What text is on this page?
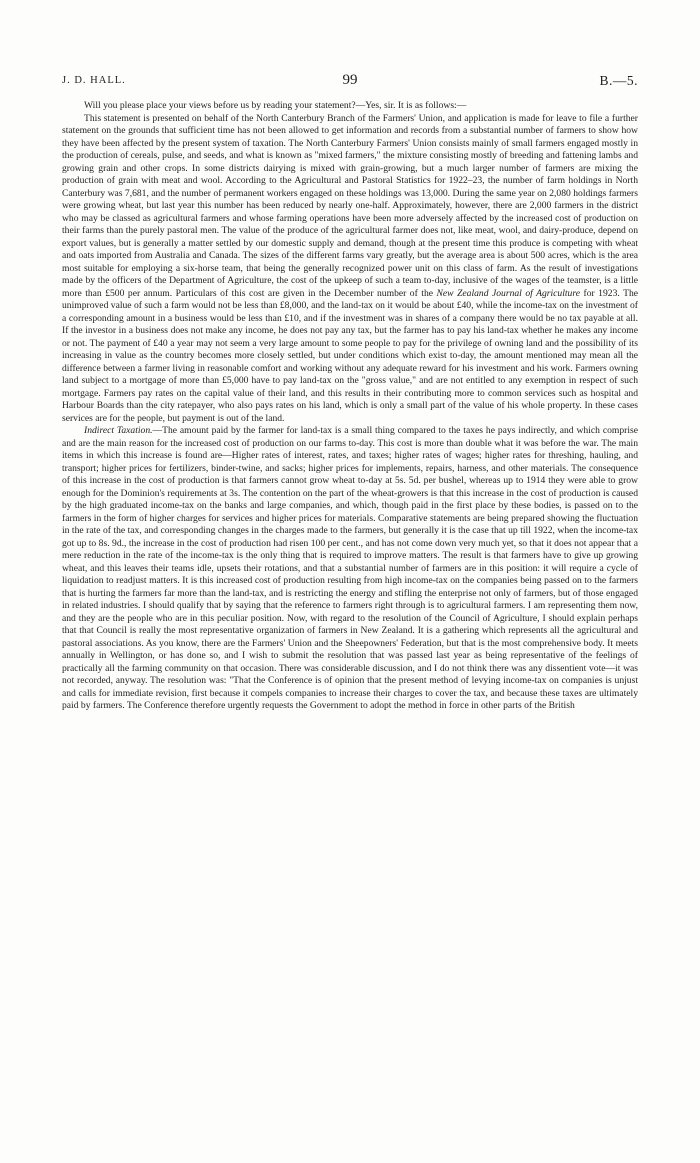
J. D. HALL.	99	B.—5.

Will you please place your views before us by reading your statement?—Yes, sir. It is as follows:—

This statement is presented on behalf of the North Canterbury Branch of the Farmers' Union, and application is made for leave to file a further statement on the grounds that sufficient time has not been allowed to get information and records from a substantial number of farmers to show how they have been affected by the present system of taxation. The North Canterbury Farmers' Union consists mainly of small farmers engaged mostly in the production of cereals, pulse, and seeds, and what is known as "mixed farmers," the mixture consisting mostly of breeding and fattening lambs and growing grain and other crops. In some districts dairying is mixed with grain-growing, but a much larger number of farmers are mixing the production of grain with meat and wool. According to the Agricultural and Pastoral Statistics for 1922–23, the number of farm holdings in North Canterbury was 7,681, and the number of permanent workers engaged on these holdings was 13,000. During the same year on 2,080 holdings farmers were growing wheat, but last year this number has been reduced by nearly one-half. Approximately, however, there are 2,000 farmers in the district who may be classed as agricultural farmers and whose farming operations have been more adversely affected by the increased cost of production on their farms than the purely pastoral men. The value of the produce of the agricultural farmer does not, like meat, wool, and dairy-produce, depend on export values, but is generally a matter settled by our domestic supply and demand, though at the present time this produce is competing with wheat and oats imported from Australia and Canada. The sizes of the different farms vary greatly, but the average area is about 500 acres, which is the area most suitable for employing a six-horse team, that being the generally recognized power unit on this class of farm. As the result of investigations made by the officers of the Department of Agriculture, the cost of the upkeep of such a team to-day, inclusive of the wages of the teamster, is a little more than £500 per annum. Particulars of this cost are given in the December number of the New Zealand Journal of Agriculture for 1923. The unimproved value of such a farm would not be less than £8,000, and the land-tax on it would be about £40, while the income-tax on the investment of a corresponding amount in a business would be less than £10, and if the investment was in shares of a company there would be no tax payable at all. If the investor in a business does not make any income, he does not pay any tax, but the farmer has to pay his land-tax whether he makes any income or not. The payment of £40 a year may not seem a very large amount to some people to pay for the privilege of owning land and the possibility of its increasing in value as the country becomes more closely settled, but under conditions which exist to-day, the amount mentioned may mean all the difference between a farmer living in reasonable comfort and working without any adequate reward for his investment and his work. Farmers owning land subject to a mortgage of more than £5,000 have to pay land-tax on the "gross value," and are not entitled to any exemption in respect of such mortgage. Farmers pay rates on the capital value of their land, and this results in their contributing more to common services such as hospital and Harbour Boards than the city ratepayer, who also pays rates on his land, which is only a small part of the value of his whole property. In these cases services are for the people, but payment is out of the land.

Indirect Taxation.—The amount paid by the farmer for land-tax is a small thing compared to the taxes he pays indirectly, and which comprise and are the main reason for the increased cost of production on our farms to-day. This cost is more than double what it was before the war. The main items in which this increase is found are—Higher rates of interest, rates, and taxes; higher rates of wages; higher rates for threshing, hauling, and transport; higher prices for fertilizers, binder-twine, and sacks; higher prices for implements, repairs, harness, and other materials. The consequence of this increase in the cost of production is that farmers cannot grow wheat to-day at 5s. 5d. per bushel, whereas up to 1914 they were able to grow enough for the Dominion's requirements at 3s. The contention on the part of the wheat-growers is that this increase in the cost of production is caused by the high graduated income-tax on the banks and large companies, and which, though paid in the first place by these bodies, is passed on to the farmers in the form of higher charges for services and higher prices for materials. Comparative statements are being prepared showing the fluctuation in the rate of the tax, and corresponding changes in the charges made to the farmers, but generally it is the case that up till 1922, when the income-tax got up to 8s. 9d., the increase in the cost of production had risen 100 per cent., and has not come down very much yet, so that it does not appear that a mere reduction in the rate of the income-tax is the only thing that is required to improve matters. The result is that farmers have to give up growing wheat, and this leaves their teams idle, upsets their rotations, and that a substantial number of farmers are in this position: it will require a cycle of liquidation to readjust matters. It is this increased cost of production resulting from high income-tax on the companies being passed on to the farmers that is hurting the farmers far more than the land-tax, and is restricting the energy and stifling the enterprise not only of farmers, but of those engaged in related industries. I should qualify that by saying that the reference to farmers right through is to agricultural farmers. I am representing them now, and they are the people who are in this peculiar position. Now, with regard to the resolution of the Council of Agriculture, I should explain perhaps that that Council is really the most representative organization of farmers in New Zealand. It is a gathering which represents all the agricultural and pastoral associations. As you know, there are the Farmers' Union and the Sheepowners' Federation, but that is the most comprehensive body. It meets annually in Wellington, or has done so, and I wish to submit the resolution that was passed last year as being representative of the feelings of practically all the farming community on that occasion. There was considerable discussion, and I do not think there was any dissentient vote—it was not recorded, anyway. The resolution was: "That the Conference is of opinion that the present method of levying income-tax on companies is unjust and calls for immediate revision, first because it compels companies to increase their charges to cover the tax, and because these taxes are ultimately paid by farmers. The Conference therefore urgently requests the Government to adopt the method in force in other parts of the British
